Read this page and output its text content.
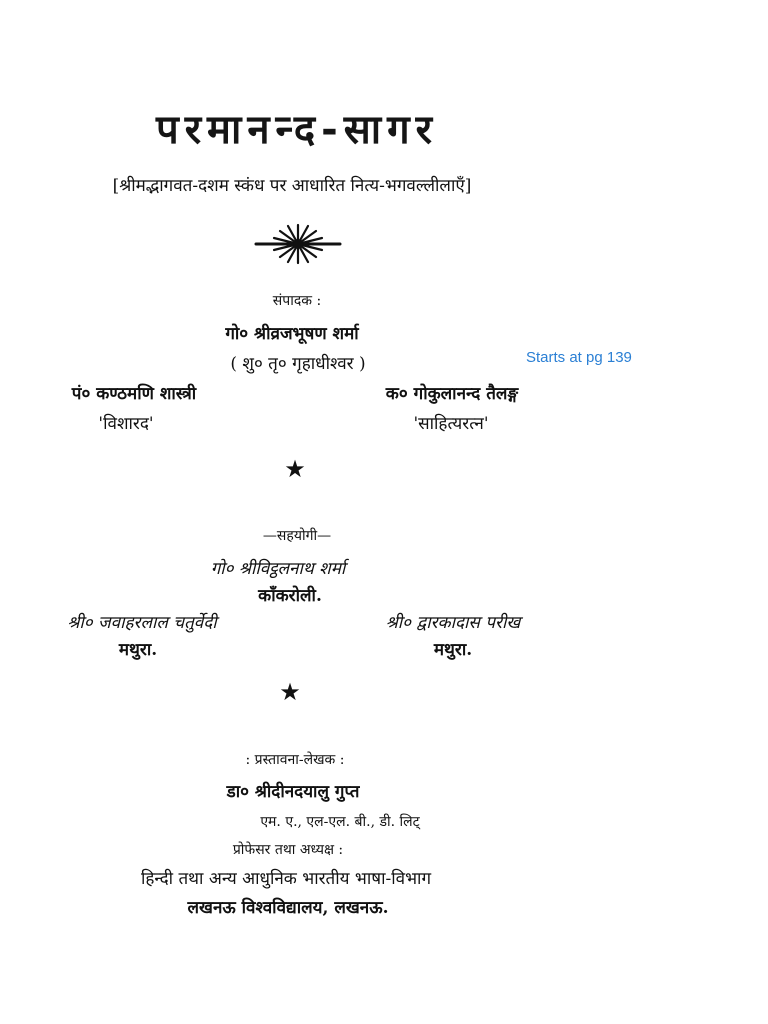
परमानन्द-सागर
[श्रीमद्भागवत-दशम स्कंध पर आधारित नित्य-भगवल्लीलाएँ]
संपादक :
गो० श्रीव्रजभूषण शर्मा
( शु० तृ० गृहाधीश्वर )	Starts at pg 139
पं० कण्ठमणि शास्त्री
'विशारद'
क० गोकुलानन्द तैलङ्ग
'साहित्यरत्न'
★
—सहयोगी—
गो० श्रीविट्ठलनाथ शर्मा
काँकरोली.
श्री० जवाहरलाल चतुर्वेदी
मथुरा.
श्री० द्वारकादास परीख
मथुरा.
★
: प्रस्तावना-लेखक :
डा० श्रीदीनदयालु गुप्त
एम. ए., एल-एल. बी., डी. लिट्
प्रोफेसर तथा अध्यक्ष :
हिन्दी तथा अन्य आधुनिक भारतीय भाषा-विभाग
लखनऊ विश्वविद्यालय, लखनऊ.
